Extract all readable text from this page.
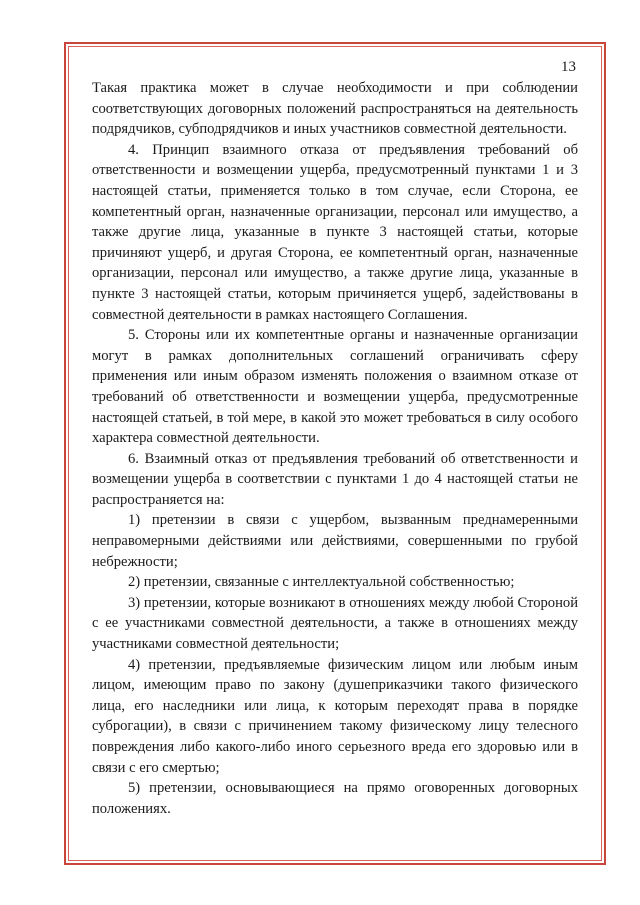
13

Такая практика может в случае необходимости и при соблюдении соответствующих договорных положений распространяться на деятельность подрядчиков, субподрядчиков и иных участников совместной деятельности.

4. Принцип взаимного отказа от предъявления требований об ответственности и возмещении ущерба, предусмотренный пунктами 1 и 3 настоящей статьи, применяется только в том случае, если Сторона, ее компетентный орган, назначенные организации, персонал или имущество, а также другие лица, указанные в пункте 3 настоящей статьи, которые причиняют ущерб, и другая Сторона, ее компетентный орган, назначенные организации, персонал или имущество, а также другие лица, указанные в пункте 3 настоящей статьи, которым причиняется ущерб, задействованы в совместной деятельности в рамках настоящего Соглашения.

5. Стороны или их компетентные органы и назначенные организации могут в рамках дополнительных соглашений ограничивать сферу применения или иным образом изменять положения о взаимном отказе от требований об ответственности и возмещении ущерба, предусмотренные настоящей статьей, в той мере, в какой это может требоваться в силу особого характера совместной деятельности.

6. Взаимный отказ от предъявления требований об ответственности и возмещении ущерба в соответствии с пунктами 1 до 4 настоящей статьи не распространяется на:

1) претензии в связи с ущербом, вызванным преднамеренными неправомерными действиями или действиями, совершенными по грубой небрежности;

2) претензии, связанные с интеллектуальной собственностью;

3) претензии, которые возникают в отношениях между любой Стороной с ее участниками совместной деятельности, а также в отношениях между участниками совместной деятельности;

4) претензии, предъявляемые физическим лицом или любым иным лицом, имеющим право по закону (душеприказчики такого физического лица, его наследники или лица, к которым переходят права в порядке суброгации), в связи с причинением такому физическому лицу телесного повреждения либо какого-либо иного серьезного вреда его здоровью или в связи с его смертью;

5) претензии, основывающиеся на прямо оговоренных договорных положениях.
